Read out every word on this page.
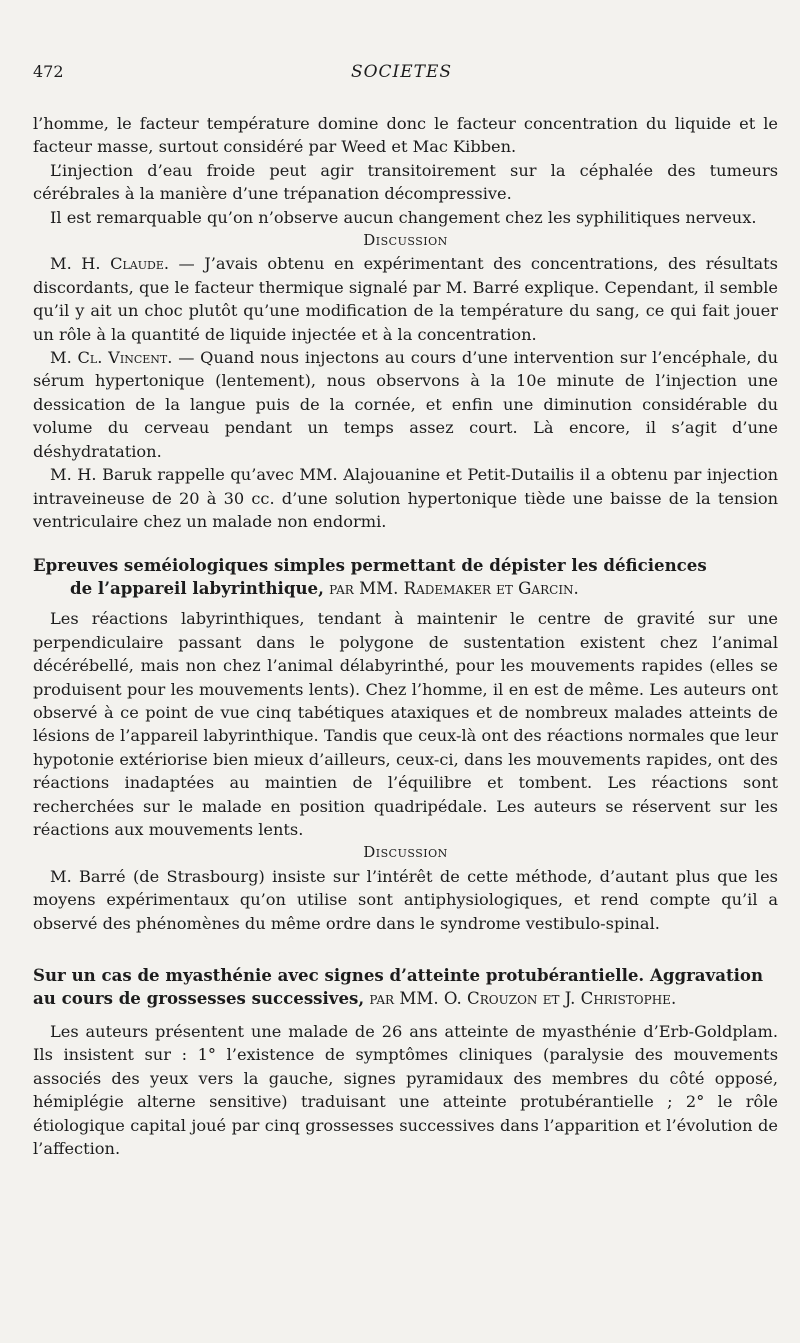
472	SOCIETES

l’homme, le facteur température domine donc le facteur concentration du liquide et le facteur masse, surtout considéré par Weed et Mac Kibben.

L’injection d’eau froide peut agir transitoirement sur la céphalée des tumeurs cérébrales à la manière d’une trépanation décompressive.

Il est remarquable qu’on n’observe aucun changement chez les syphilitiques nerveux.

Discussion

M. H. Claude. — J’avais obtenu en expérimentant des concentrations, des résultats discordants, que le facteur thermique signalé par M. Barré explique. Cependant, il semble qu’il y ait un choc plutôt qu’une modification de la température du sang, ce qui fait jouer un rôle à la quantité de liquide injectée et à la concentration.

M. Cl. Vincent. — Quand nous injectons au cours d’une intervention sur l’encéphale, du sérum hypertonique (lentement), nous observons à la 10e minute de l’injection une dessication de la langue puis de la cornée, et enfin une diminution considérable du volume du cerveau pendant un temps assez court. Là encore, il s’agit d’une déshydratation.

M. H. Baruk rappelle qu’avec MM. Alajouanine et Petit-Dutailis il a obtenu par injection intraveineuse de 20 à 30 cc. d’une solution hypertonique tiède une baisse de la tension ventriculaire chez un malade non endormi.

Epreuves seméiologiques simples permettant de dépister les déficiences
de l’appareil labyrinthique, par MM. Rademaker et Garcin.

Les réactions labyrinthiques, tendant à maintenir le centre de gravité sur une perpendiculaire passant dans le polygone de sustentation existent chez l’animal décérébellé, mais non chez l’animal délabyrinthé, pour les mouvements rapides (elles se produisent pour les mouvements lents). Chez l’homme, il en est de même. Les auteurs ont observé à ce point de vue cinq tabétiques ataxiques et de nombreux malades atteints de lésions de l’appareil labyrinthique. Tandis que ceux-là ont des réactions normales que leur hypotonie extériorise bien mieux d’ailleurs, ceux-ci, dans les mouvements rapides, ont des réactions inadaptées au maintien de l’équilibre et tombent. Les réactions sont recherchées sur le malade en position quadripédale. Les auteurs se réservent sur les réactions aux mouvements lents.

Discussion

M. Barré (de Strasbourg) insiste sur l’intérêt de cette méthode, d’autant plus que les moyens expérimentaux qu’on utilise sont antiphysiologiques, et rend compte qu’il a observé des phénomènes du même ordre dans le syndrome vestibulo-spinal.

Sur un cas de myasthénie avec signes d’atteinte protubérantielle. Aggravation au cours de grossesses successives, par MM. O. Crouzon et J. Christophe.

Les auteurs présentent une malade de 26 ans atteinte de myasthénie d’Erb-Goldplam. Ils insistent sur : 1° l’existence de symptômes cliniques (paralysie des mouvements associés des yeux vers la gauche, signes pyramidaux des membres du côté opposé, hémiplégie alterne sensitive) traduisant une atteinte protubérantielle ; 2° le rôle étiologique capital joué par cinq grossesses successives dans l’apparition et l’évolution de l’affection.
